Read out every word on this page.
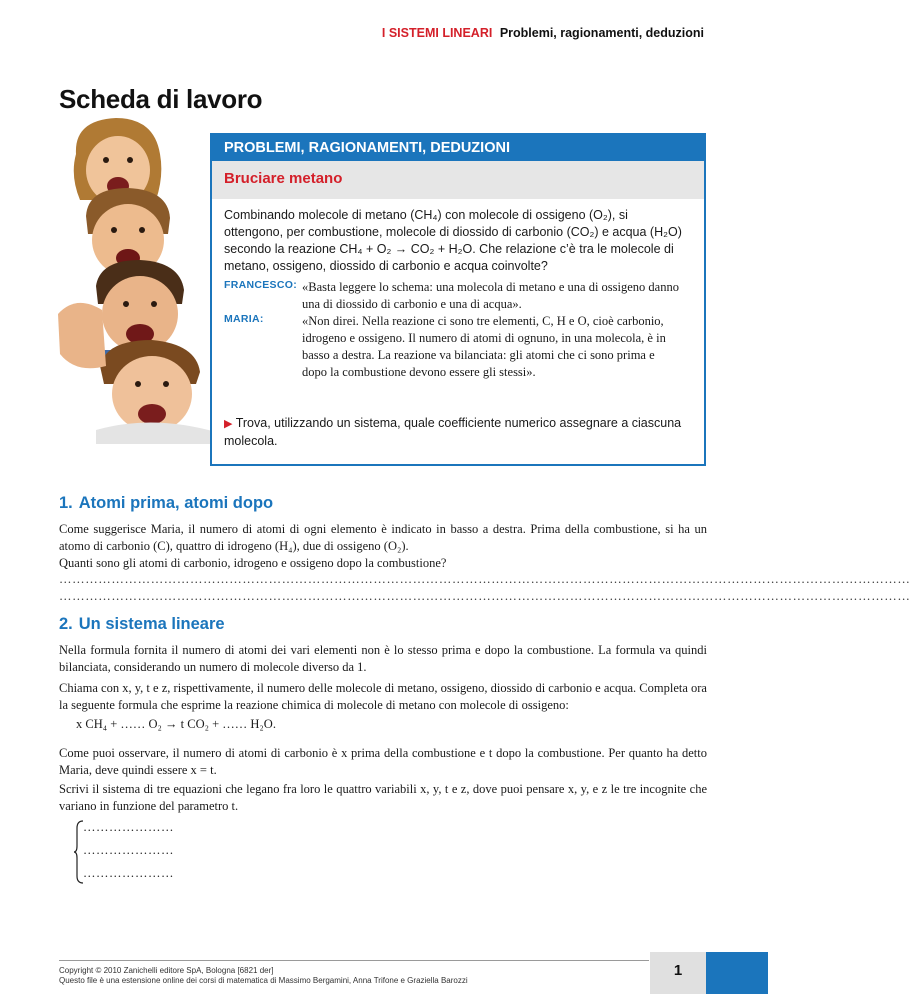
I SISTEMI LINEARI Problemi, ragionamenti, deduzioni
Scheda di lavoro
PROBLEMI, RAGIONAMENTI, DEDUZIONI
Bruciare metano
Combinando molecole di metano (CH₄) con molecole di ossigeno (O₂), si ottengono, per combustione, molecole di diossido di carbonio (CO₂) e acqua (H₂O) secondo la reazione CH₄ + O₂ → CO₂ + H₂O. Che relazione c’è tra le molecole di metano, ossigeno, diossido di carbonio e acqua coinvolte?
FRANCESCO: «Basta leggere lo schema: una molecola di metano e una di ossigeno danno una di diossido di carbonio e una di acqua».
MARIA:	«Non direi. Nella reazione ci sono tre elementi, C, H e O, cioè carbonio, idrogeno e ossigeno. Il numero di atomi di ognuno, in una molecola, è in basso a destra. La reazione va bilanciata: gli atomi che ci sono prima e dopo la combustione devono essere gli stessi».
▶ Trova, utilizzando un sistema, quale coefficiente numerico assegnare a ciascuna molecola.
1. Atomi prima, atomi dopo
Come suggerisce Maria, il numero di atomi di ogni elemento è indicato in basso a destra. Prima della combustione, si ha un atomo di carbonio (C), quattro di idrogeno (H₄), due di ossigeno (O₂).
Quanti sono gli atomi di carbonio, idrogeno e ossigeno dopo la combustione?
……………………………………………………………………………………………………………………………………………………………………………
……………………………………………………………………………………………………………………………………………………………………………
2. Un sistema lineare
Nella formula fornita il numero di atomi dei vari elementi non è lo stesso prima e dopo la combustione. La formula va quindi bilanciata, considerando un numero di molecole diverso da 1.
Chiama con x, y, t e z, rispettivamente, il numero delle molecole di metano, ossigeno, diossido di carbonio e acqua. Completa ora la seguente formula che esprime la reazione chimica di molecole di metano con molecole di ossigeno:
x CH₄ + …… O₂ → t CO₂ + …… H₂O.
Come puoi osservare, il numero di atomi di carbonio è x prima della combustione e t dopo la combustione. Per quanto ha detto Maria, deve quindi essere x = t.
Scrivi il sistema di tre equazioni che legano fra loro le quattro variabili x, y, t e z, dove puoi pensare x, y, e z le tre incognite che variano in funzione del parametro t.
…………………
…………………
…………………
Copyright © 2010 Zanichelli editore SpA, Bologna [6821 der]
Questo file è una estensione online dei corsi di matematica di Massimo Bergamini, Anna Trifone e Graziella Barozzi
1
